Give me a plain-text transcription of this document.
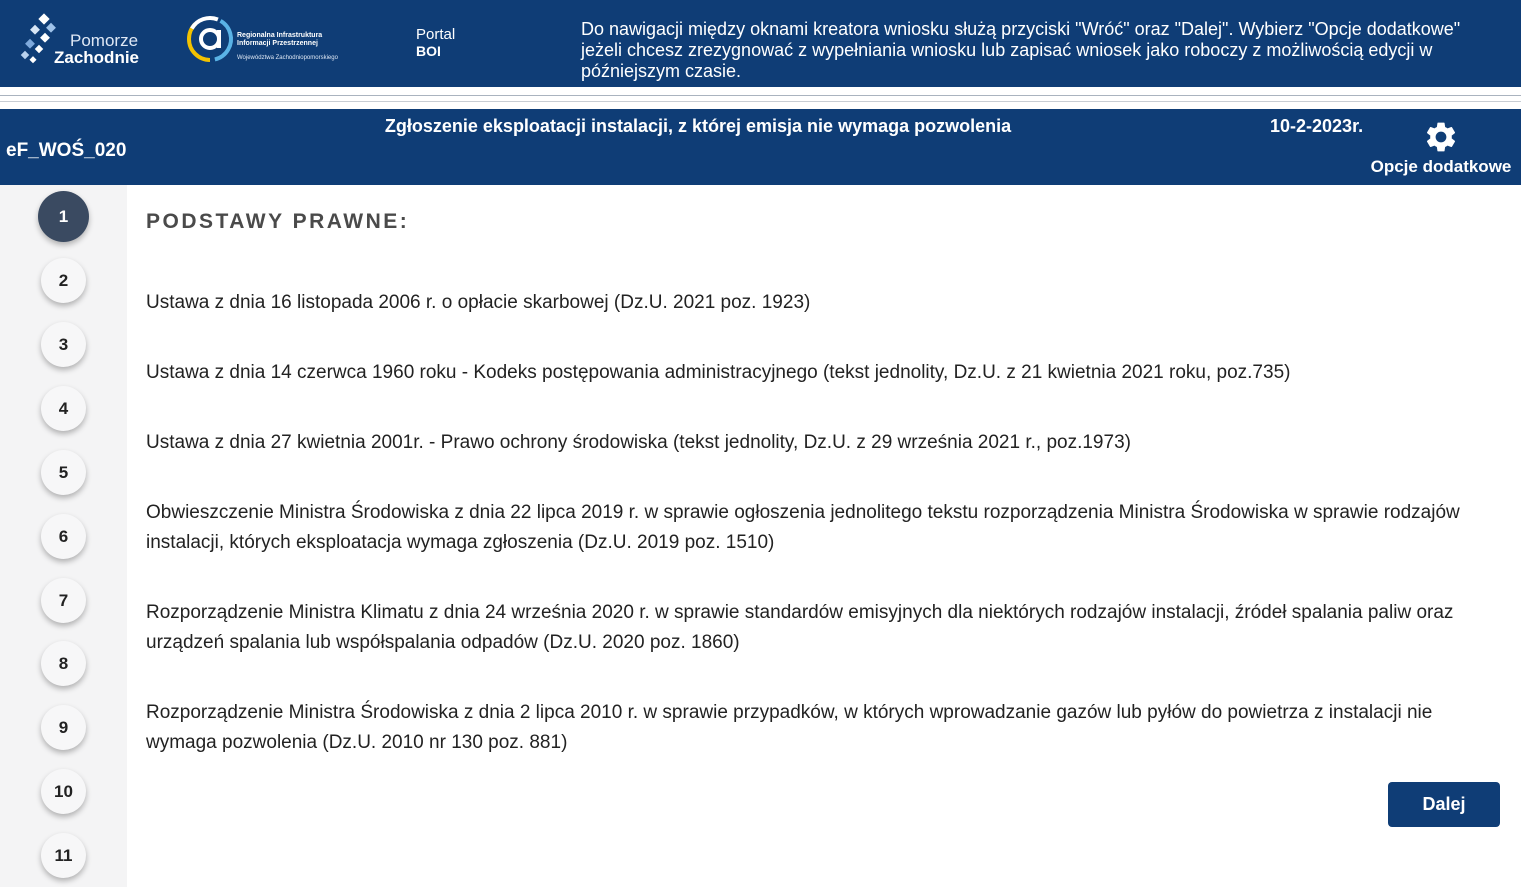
Pomorze
Zachodnie
Regionalna Infrastruktura Informacji Przestrzennej
Województwa Zachodniopomorskiego
Portal
BOI
Do nawigacji między oknami kreatora wniosku służą przyciski "Wróć" oraz "Dalej". Wybierz "Opcje dodatkowe" jeżeli chcesz zrezygnować z wypełniania wniosku lub zapisać wniosek jako roboczy z możliwością edycji w późniejszym czasie.
eF_WOŚ_020
Zgłoszenie eksploatacji instalacji, z której emisja nie wymaga pozwolenia	10-2-2023r.
Opcje dodatkowe
1
2
3
4
5
6
7
8
9
10
11
PODSTAWY PRAWNE:
Ustawa z dnia 16 listopada 2006 r. o opłacie skarbowej (Dz.U. 2021 poz. 1923)
Ustawa z dnia 14 czerwca 1960 roku - Kodeks postępowania administracyjnego (tekst jednolity, Dz.U. z 21 kwietnia 2021 roku, poz.735)
Ustawa z dnia 27 kwietnia 2001r. - Prawo ochrony środowiska (tekst jednolity, Dz.U. z 29 września 2021 r., poz.1973)
Obwieszczenie Ministra Środowiska z dnia 22 lipca 2019 r. w sprawie ogłoszenia jednolitego tekstu rozporządzenia Ministra Środowiska w sprawie rodzajów instalacji, których eksploatacja wymaga zgłoszenia (Dz.U. 2019 poz. 1510)
Rozporządzenie Ministra Klimatu z dnia 24 września 2020 r. w sprawie standardów emisyjnych dla niektórych rodzajów instalacji, źródeł spalania paliw oraz urządzeń spalania lub współspalania odpadów (Dz.U. 2020 poz. 1860)
Rozporządzenie Ministra Środowiska z dnia 2 lipca 2010 r. w sprawie przypadków, w których wprowadzanie gazów lub pyłów do powietrza z instalacji nie wymaga pozwolenia (Dz.U. 2010 nr 130 poz. 881)
Dalej
